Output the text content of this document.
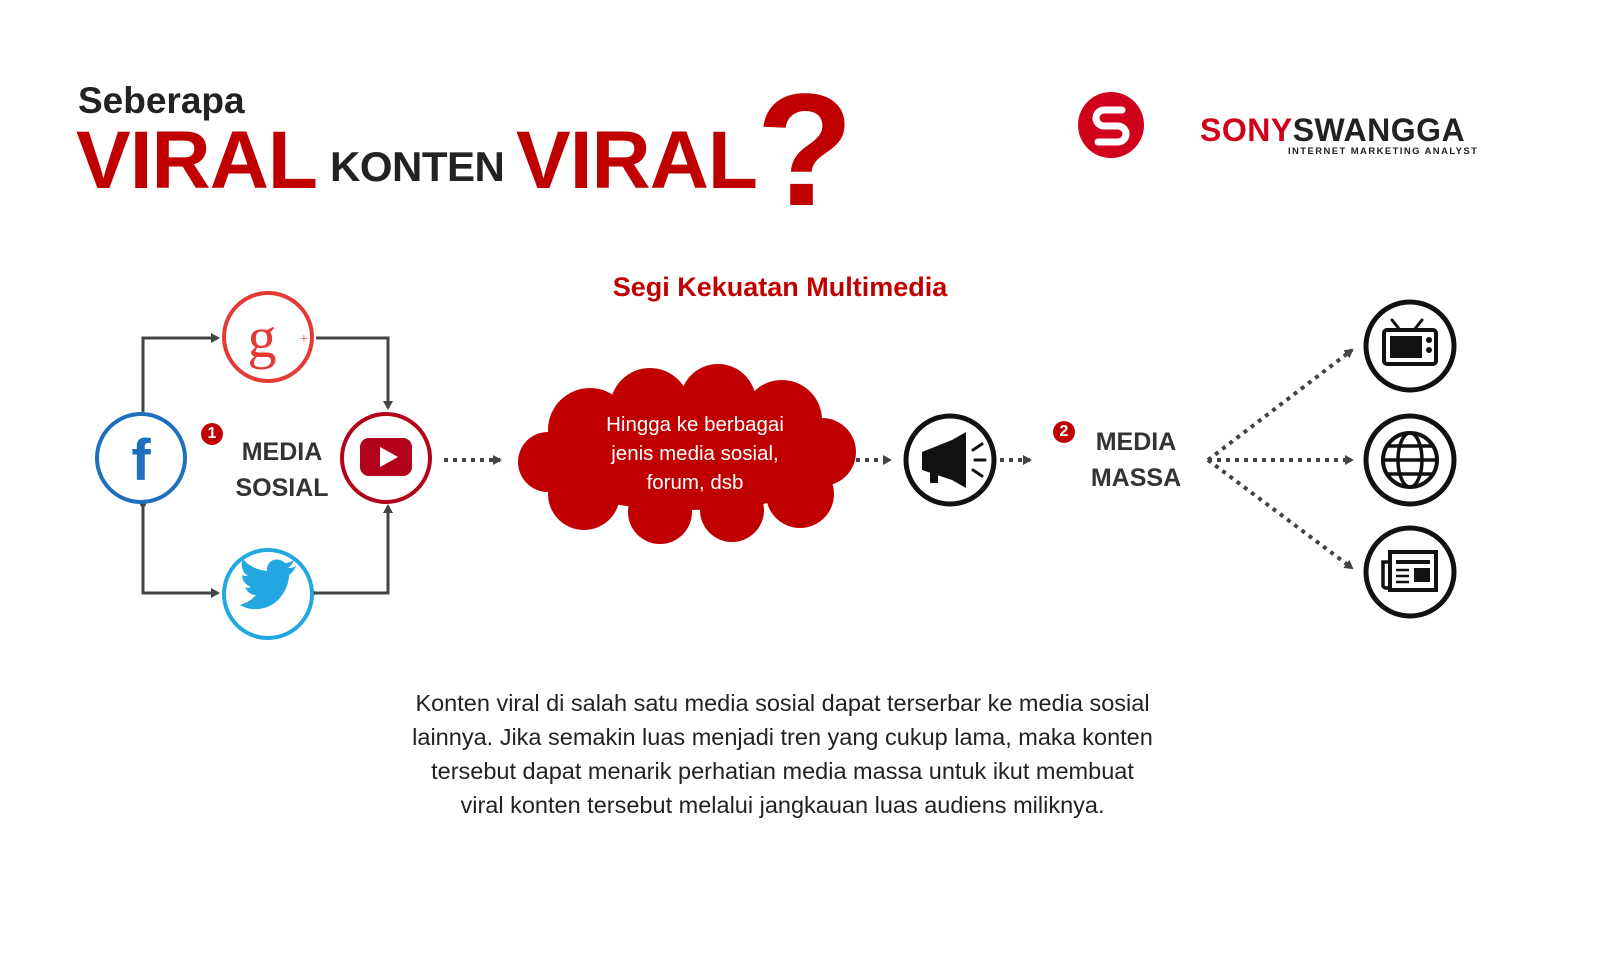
Seberapa
VIRAL KONTEN VIRAL ?	SONYSWANGGA
INTERNET MARKETING ANALYST
Segi Kekuatan Multimedia
g +
f	1	2
MEDIA
SOSIAL
MEDIA
MASSA
Hingga ke berbagai
jenis media sosial,
forum, dsb
Konten viral di salah satu media sosial dapat terserbar ke media sosial
lainnya. Jika semakin luas menjadi tren yang cukup lama, maka konten
tersebut dapat menarik perhatian media massa untuk ikut membuat
viral konten tersebut melalui jangkauan luas audiens miliknya.
